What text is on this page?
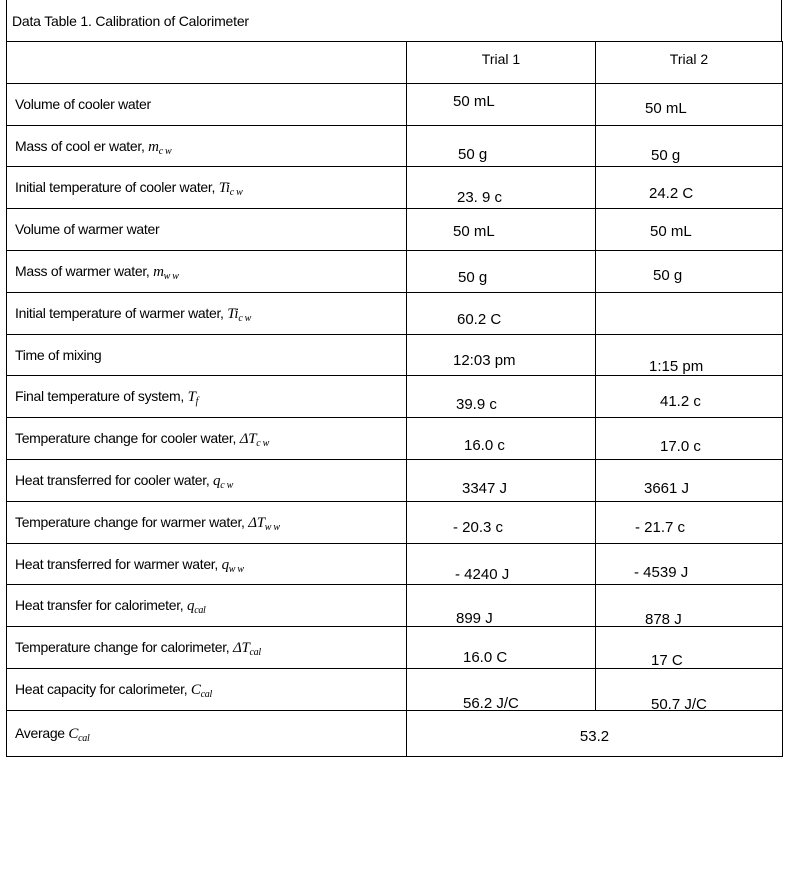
Data Table 1. Calibration of Calorimeter

	Trial 1	Trial 2

Volume of cooler water	50 mL	50 mL

Mass of cool er water, $m_{c w}$	50 g	50 g

Initial temperature of cooler water, $Ti_{c w}$	23. 9 c	24.2 C

Volume of warmer water	50 mL	50 mL

Mass of warmer water, $m_{w w}$	50 g	50 g

Initial temperature of warmer water, $Ti_{c w}$	60.2 C	

Time of mixing	12:03 pm	1:15 pm

Final temperature of system, $T_f$	39.9 c	41.2 c

Temperature change for cooler water, $\Delta T_{c w}$	16.0 c	17.0 c

Heat transferred for cooler water, $q_{c w}$	3347 J	3661 J

Temperature change for warmer water, $\Delta T_{w w}$	- 20.3 c	- 21.7 c

Heat transferred for warmer water, $q_{w w}$	- 4240 J	- 4539 J

Heat transfer for calorimeter, $q_{cal}$	899 J	878 J

Temperature change for calorimeter, $\Delta T_{cal}$	16.0 C	17 C

Heat capacity for calorimeter, $C_{cal}$	56.2 J/C	50.7 J/C

Average $C_{cal}$	53.2	
